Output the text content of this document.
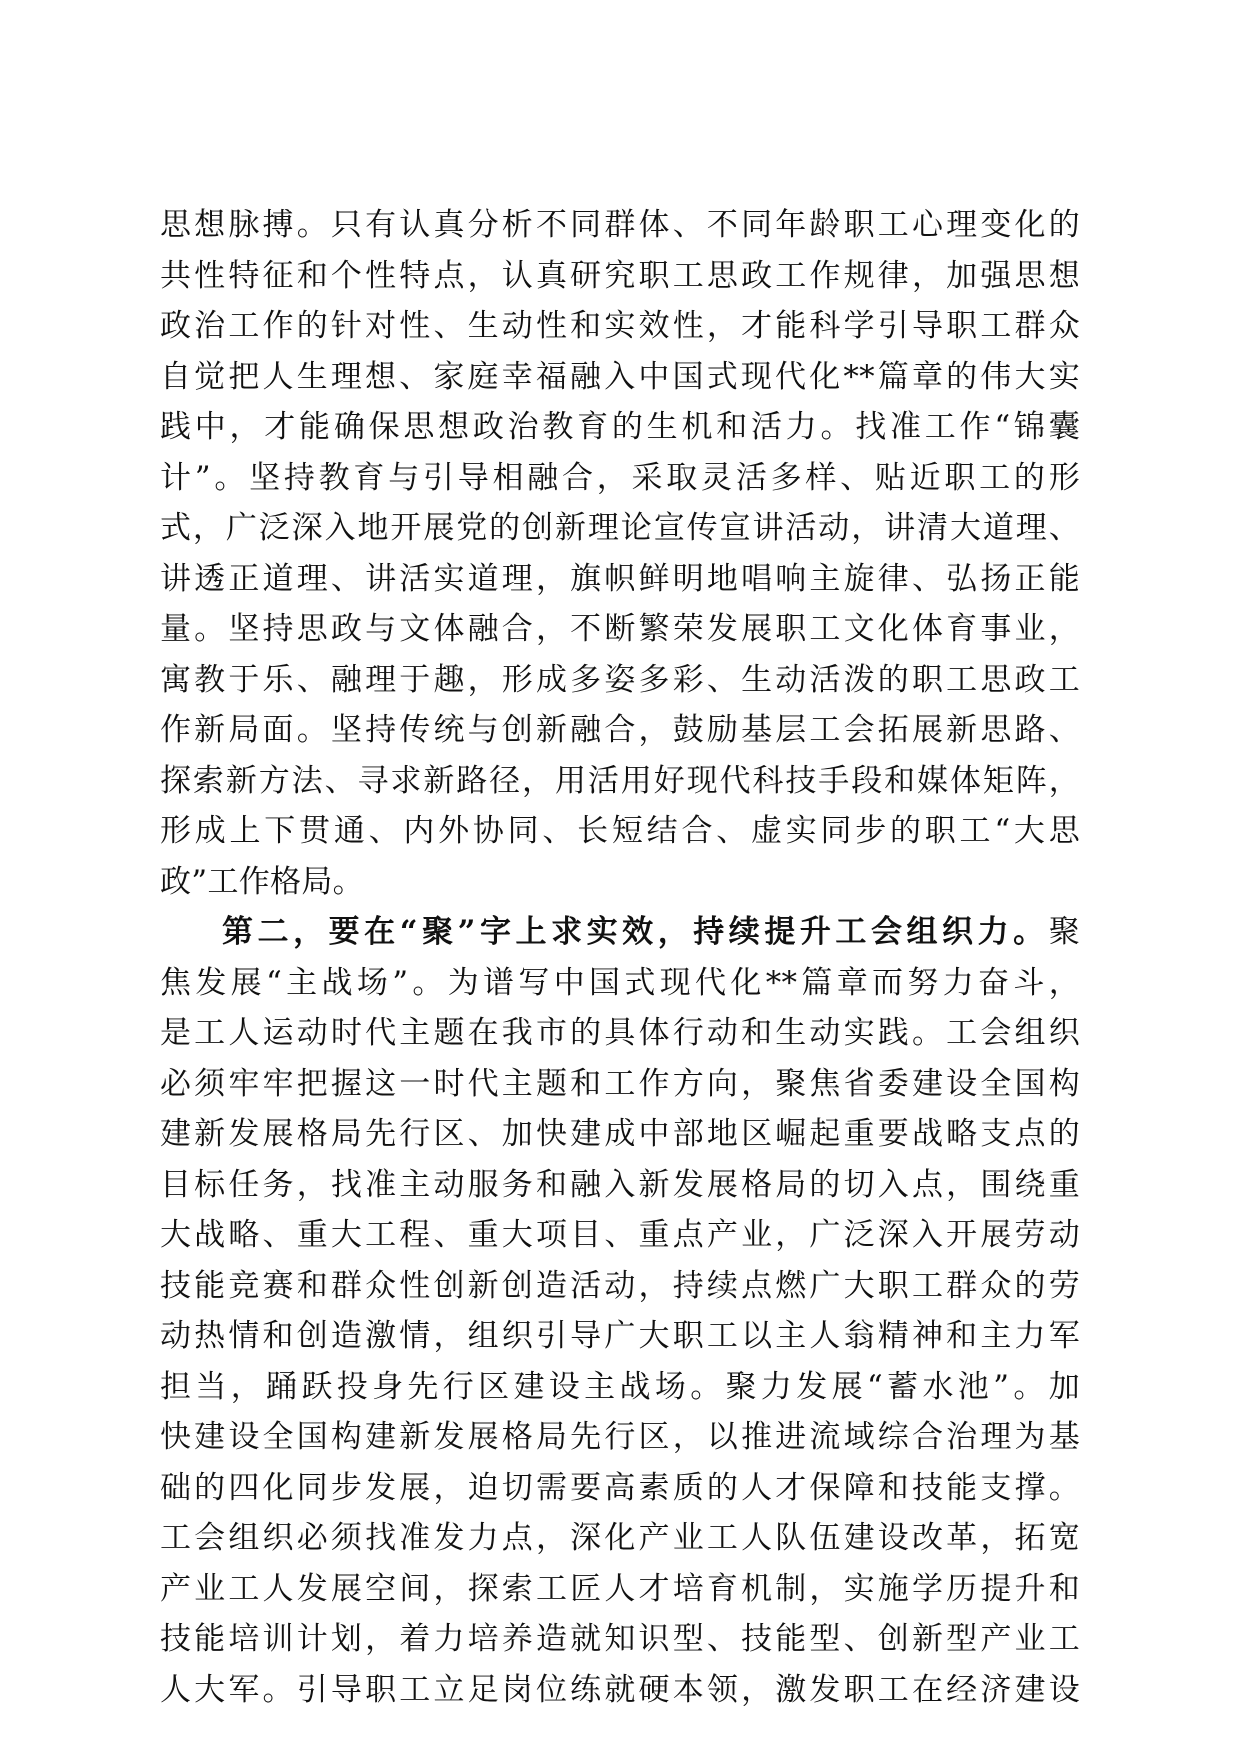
思想脉搏。只有认真分析不同群体、不同年龄职工心理变化的
共性特征和个性特点，认真研究职工思政工作规律，加强思想
政治工作的针对性、生动性和实效性，才能科学引导职工群众
自觉把人生理想、家庭幸福融入中国式现代化**篇章的伟大实
践中，才能确保思想政治教育的生机和活力。找准工作“锦囊
计”。坚持教育与引导相融合，采取灵活多样、贴近职工的形
式，广泛深入地开展党的创新理论宣传宣讲活动，讲清大道理、
讲透正道理、讲活实道理，旗帜鲜明地唱响主旋律、弘扬正能
量。坚持思政与文体融合，不断繁荣发展职工文化体育事业，
寓教于乐、融理于趣，形成多姿多彩、生动活泼的职工思政工
作新局面。坚持传统与创新融合，鼓励基层工会拓展新思路、
探索新方法、寻求新路径，用活用好现代科技手段和媒体矩阵，
形成上下贯通、内外协同、长短结合、虚实同步的职工“大思
政”工作格局。
第二，要在“聚”字上求实效，持续提升工会组织力。聚
焦发展“主战场”。为谱写中国式现代化**篇章而努力奋斗，
是工人运动时代主题在我市的具体行动和生动实践。工会组织
必须牢牢把握这一时代主题和工作方向，聚焦省委建设全国构
建新发展格局先行区、加快建成中部地区崛起重要战略支点的
目标任务，找准主动服务和融入新发展格局的切入点，围绕重
大战略、重大工程、重大项目、重点产业，广泛深入开展劳动
技能竞赛和群众性创新创造活动，持续点燃广大职工群众的劳
动热情和创造激情，组织引导广大职工以主人翁精神和主力军
担当，踊跃投身先行区建设主战场。聚力发展“蓄水池”。加
快建设全国构建新发展格局先行区，以推进流域综合治理为基
础的四化同步发展，迫切需要高素质的人才保障和技能支撑。
工会组织必须找准发力点，深化产业工人队伍建设改革，拓宽
产业工人发展空间，探索工匠人才培育机制，实施学历提升和
技能培训计划，着力培养造就知识型、技能型、创新型产业工
人大军。引导职工立足岗位练就硬本领，激发职工在经济建设
